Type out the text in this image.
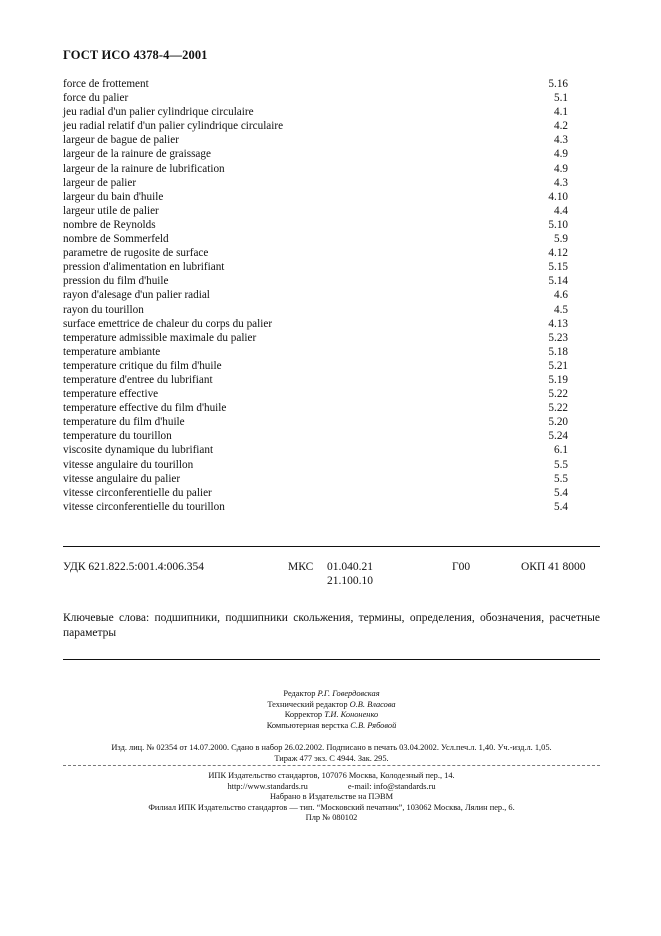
ГОСТ ИСО 4378-4—2001
force de frottement	5.16
force du palier	5.1
jeu radial d'un palier cylindrique circulaire	4.1
jeu radial relatif d'un palier cylindrique circulaire	4.2
largeur de bague de palier	4.3
largeur de la rainure de graissage	4.9
largeur de la rainure de lubrification	4.9
largeur de palier	4.3
largeur du bain d'huile	4.10
largeur utile de palier	4.4
nombre de Reynolds	5.10
nombre de Sommerfeld	5.9
parametre de rugosite de surface	4.12
pression d'alimentation en lubrifiant	5.15
pression du film d'huile	5.14
rayon d'alesage d'un palier radial	4.6
rayon du tourillon	4.5
surface emettrice de chaleur du corps du palier	4.13
temperature admissible maximale du palier	5.23
temperature ambiante	5.18
temperature critique du film d'huile	5.21
temperature d'entree du lubrifiant	5.19
temperature effective	5.22
temperature effective du film d'huile	5.22
temperature du film d'huile	5.20
temperature du tourillon	5.24
viscosite dynamique du lubrifiant	6.1
vitesse angulaire du tourillon	5.5
vitesse angulaire du palier	5.5
vitesse circonferentielle du palier	5.4
vitesse circonferentielle du tourillon	5.4
УДК 621.822.5:001.4:006.354	МКС 01.040.21
21.100.10
Г00	ОКП 41 8000
Ключевые слова: подшипники, подшипники скольжения, термины, определения, обозначения, расчетные параметры
Редактор Р.Г. Говердовская
Технический редактор О.В. Власова
Корректор Т.И. Кононенко
Компьютерная верстка С.В. Рябовой
Изд. лиц. № 02354 от 14.07.2000. Сдано в набор 26.02.2002. Подписано в печать 03.04.2002. Усл.печ.л. 1,40. Уч.-изд.л. 1,05.
Тираж 477 экз. С 4944. Зак. 295.
ИПК Издательство стандартов, 107076 Москва, Колодезный пер., 14.
http://www.standards.ru	e-mail: info@standards.ru
Набрано в Издательстве на ПЭВМ
Филиал ИПК Издательство стандартов — тип. “Московский печатник”, 103062 Москва, Лялин пер., 6.
Плр № 080102
